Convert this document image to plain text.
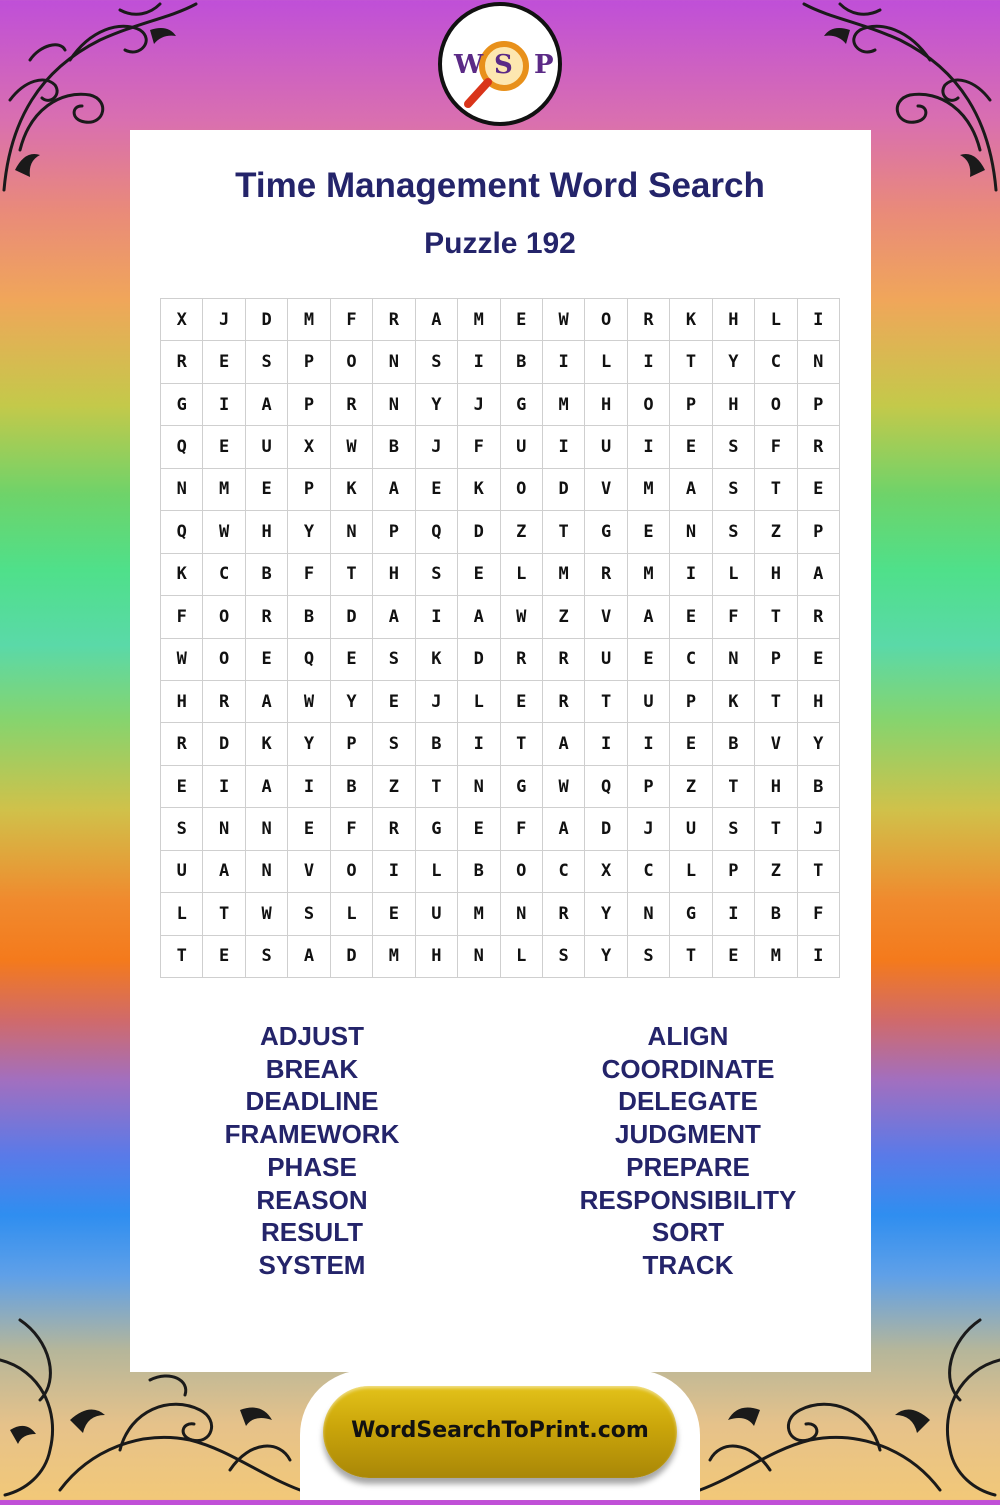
W S P
Time Management Word Search
Puzzle 192
X	J	D	M	F	R	A	M	E	W	O	R	K	H	L	I
R	E	S	P	O	N	S	I	B	I	L	I	T	Y	C	N
G	I	A	P	R	N	Y	J	G	M	H	O	P	H	O	P
Q	E	U	X	W	B	J	F	U	I	U	I	E	S	F	R
N	M	E	P	K	A	E	K	O	D	V	M	A	S	T	E
Q	W	H	Y	N	P	Q	D	Z	T	G	E	N	S	Z	P
K	C	B	F	T	H	S	E	L	M	R	M	I	L	H	A
F	O	R	B	D	A	I	A	W	Z	V	A	E	F	T	R
W	O	E	Q	E	S	K	D	R	R	U	E	C	N	P	E
H	R	A	W	Y	E	J	L	E	R	T	U	P	K	T	H
R	D	K	Y	P	S	B	I	T	A	I	I	E	B	V	Y
E	I	A	I	B	Z	T	N	G	W	Q	P	Z	T	H	B
S	N	N	E	F	R	G	E	F	A	D	J	U	S	T	J
U	A	N	V	O	I	L	B	O	C	X	C	L	P	Z	T
L	T	W	S	L	E	U	M	N	R	Y	N	G	I	B	F
T	E	S	A	D	M	H	N	L	S	Y	S	T	E	M	I
ADJUST
BREAK
DEADLINE
FRAMEWORK
PHASE
REASON
RESULT
SYSTEM
ALIGN
COORDINATE
DELEGATE
JUDGMENT
PREPARE
RESPONSIBILITY
SORT
TRACK
WordSearchToPrint.com
